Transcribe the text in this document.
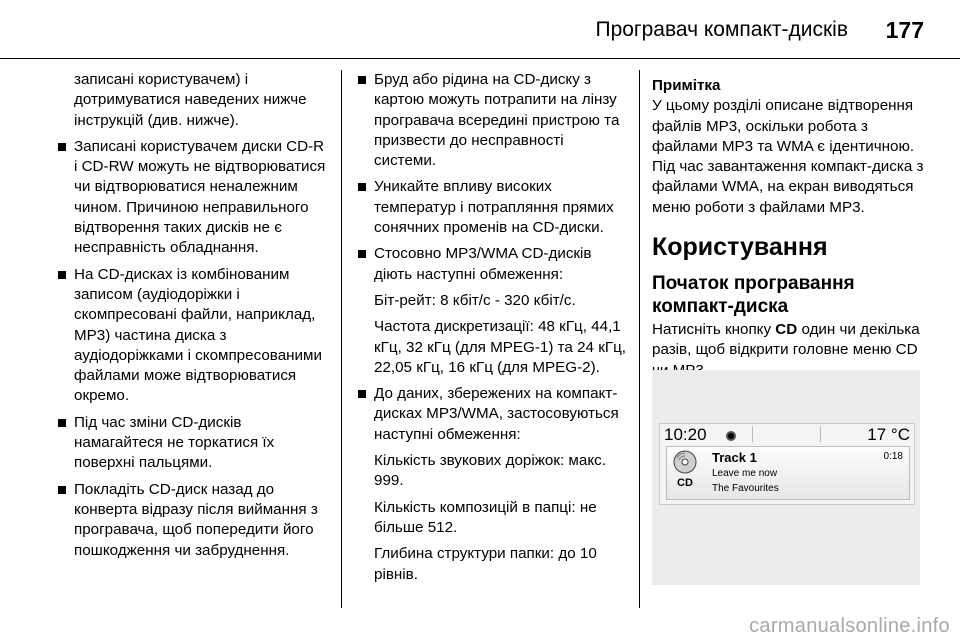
Програвач компакт-дисків 177

записані користувачем) і дотримуватися наведених нижче інструкцій (див. нижче).

Записані користувачем диски CD-R і CD-RW можуть не відтворюватися чи відтворюватися неналежним чином. Причиною неправильного відтворення таких дисків не є несправність обладнання.
На CD-дисках із комбінованим записом (аудіодоріжки і скомпресовані файли, наприклад, MP3) частина диска з аудіодоріжками і скомпресованими файлами може відтворюватися окремо.
Під час зміни CD-дисків намагайтеся не торкатися їх поверхні пальцями.
Покладіть CD-диск назад до конверта відразу після виймання з програвача, щоб попередити його пошкодження чи забруднення.
Бруд або рідина на CD-диску з картою можуть потрапити на лінзу програвача всередині пристрою та призвести до несправності системи.
Уникайте впливу високих температур і потрапляння прямих сонячних променів на CD-диски.
Стосовно MP3/WMA CD-дисків діють наступні обмеження:

Біт-рейт: 8 кбіт/с - 320 кбіт/с.

Частота дискретизації: 48 кГц, 44,1 кГц, 32 кГц (для MPEG-1) та 24 кГц, 22,05 кГц, 16 кГц (для MPEG-2).

До даних, збережених на компакт-дисках MP3/WMA, застосовуються наступні обмеження:

Кількість звукових доріжок: макс. 999.

Кількість композицій в папці: не більше 512.

Глибина структури папки: до 10 рівнів.

Примітка

У цьому розділі описане відтворення файлів MP3, оскільки робота з файлами MP3 та WMA є ідентичною. Під час завантаження компакт-диска з файлами WMA, на екран виводяться меню роботи з файлами MP3.

Користування
Початок програвання компакт-диска

Натисніть кнопку CD один чи декілька разів, щоб відкрити головне меню CD

10:20	17 °C
CD
Track 1	0:18
Leave me now
The Favourites
carmanualsonline.info
